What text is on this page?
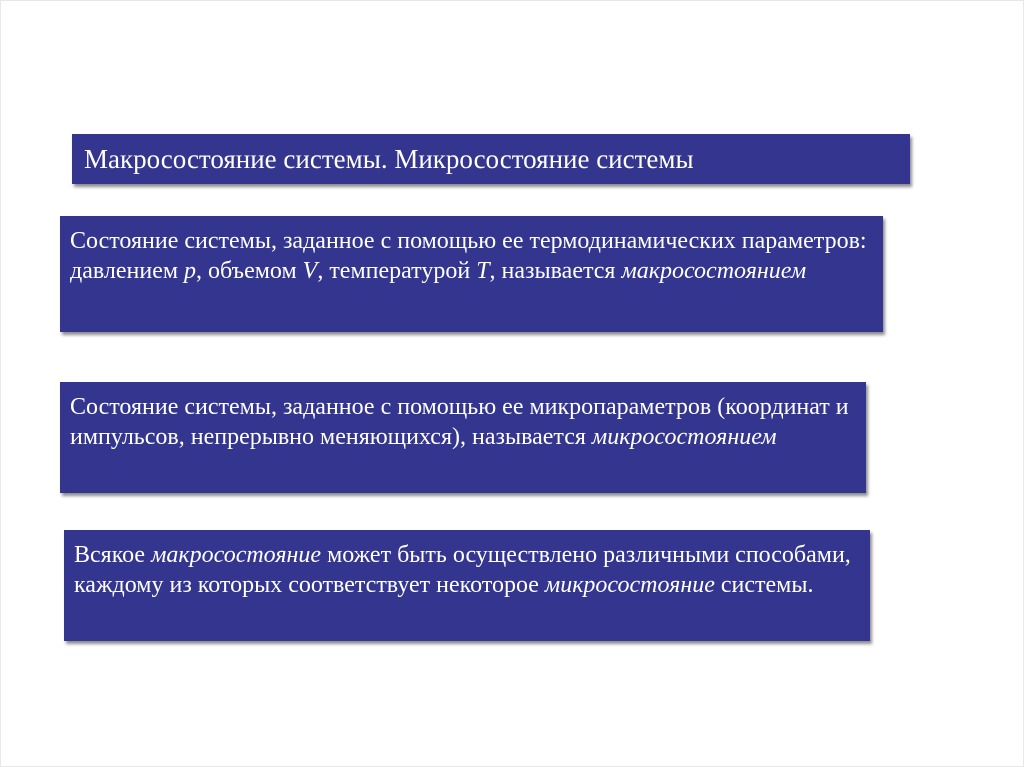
Макросостояние системы. Микросостояние системы
Состояние системы, заданное с помощью ее термодинамических параметров: давлением p, объемом V, температурой T, называется макросостоянием
Состояние системы, заданное с помощью ее микропараметров (координат и импульсов, непрерывно меняющихся), называется микросостоянием
Всякое макросостояние может быть осуществлено различными способами, каждому из которых соответствует некоторое микросостояние системы.
